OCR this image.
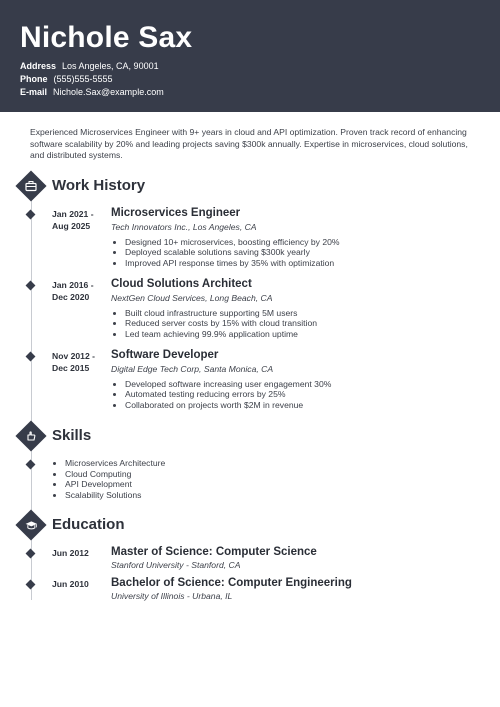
Nichole Sax
Address Los Angeles, CA, 90001
Phone (555)555-5555
E-mail Nichole.Sax@example.com
Experienced Microservices Engineer with 9+ years in cloud and API optimization. Proven track record of enhancing software scalability by 20% and leading projects saving $300k annually. Expertise in microservices, cloud solutions, and distributed systems.
Work History
Jan 2021 -
Aug 2025
Microservices Engineer
Tech Innovators Inc., Los Angeles, CA
• Designed 10+ microservices, boosting efficiency by 20%
• Deployed scalable solutions saving $300k yearly
• Improved API response times by 35% with optimization
Jan 2016 -
Dec 2020
Cloud Solutions Architect
NextGen Cloud Services, Long Beach, CA
• Built cloud infrastructure supporting 5M users
• Reduced server costs by 15% with cloud transition
• Led team achieving 99.9% application uptime
Nov 2012 -
Dec 2015
Software Developer
Digital Edge Tech Corp, Santa Monica, CA
• Developed software increasing user engagement 30%
• Automated testing reducing errors by 25%
• Collaborated on projects worth $2M in revenue
Skills
• Microservices Architecture
• Cloud Computing
• API Development
• Scalability Solutions
Education
Jun 2012 Master of Science: Computer Science
Stanford University - Stanford, CA
Jun 2010 Bachelor of Science: Computer Engineering
University of Illinois - Urbana, IL
